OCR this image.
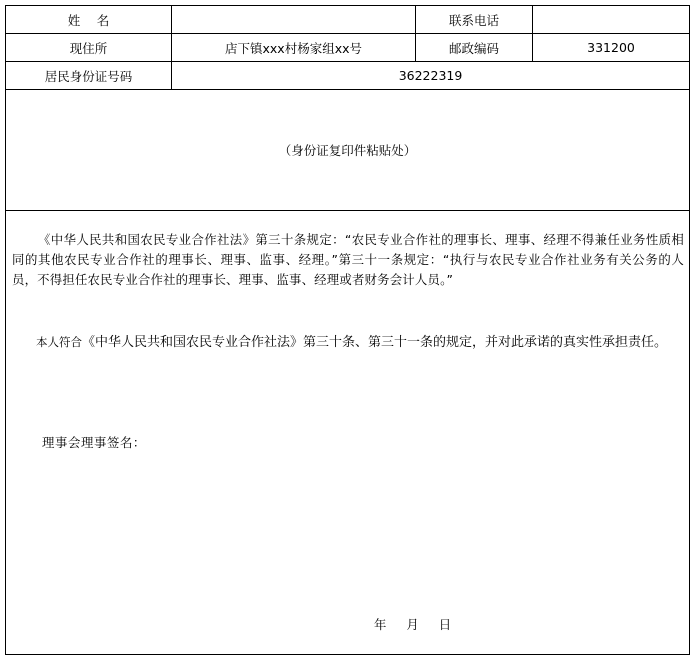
姓 名		联系电话	
现住所	店下镇xxx村杨家组xx号	邮政编码	331200
居民身份证号码	36222319		
（身份证复印件粘贴处）			

《中华人民共和国农民专业合作社法》第三十条规定：“农民专业合作社的理事长、理事、经理不得兼任业务性质相同的其他农民专业合作社的理事长、理事、监事、经理。”第三十一条规定：“执行与农民专业合作社业务有关公务的人员，不得担任农民专业合作社的理事长、理事、监事、经理或者财务会计人员。”

本人符合《中华人民共和国农民专业合作社法》第三十条、第三十一条的规定，并对此承诺的真实性承担责任。

理事会理事签名：
年 月 日			
